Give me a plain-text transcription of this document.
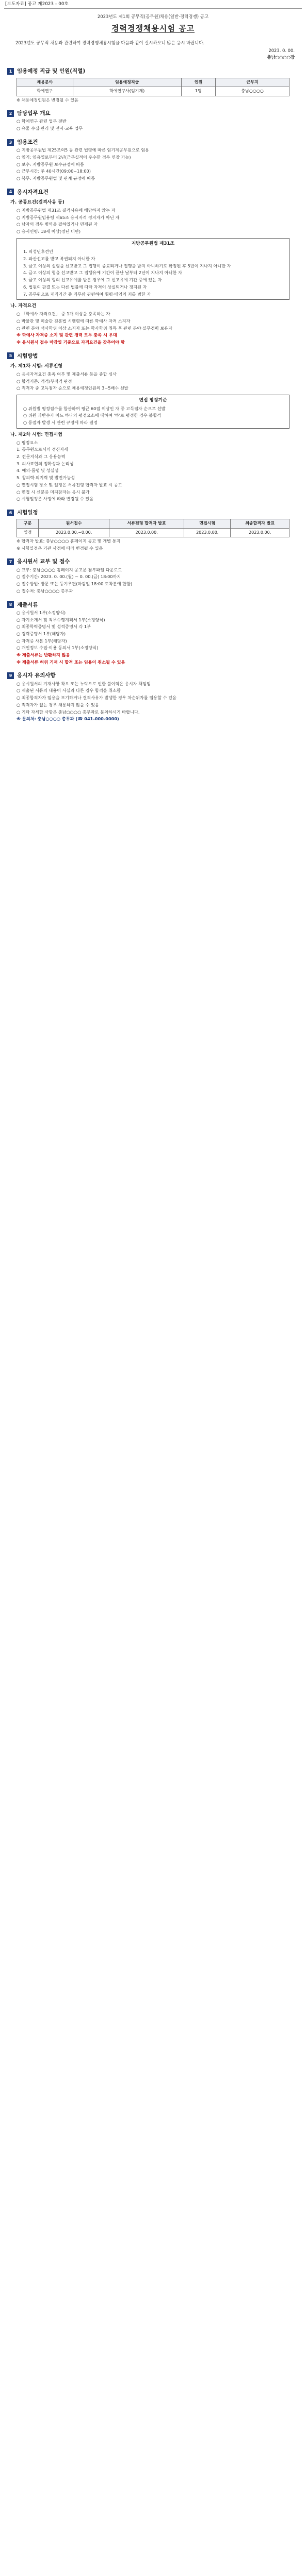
[보도자료] 공고 제2023 - 00호
2023년도 제1회 공무직(공무원)채용(일반·경력경쟁) 공고
경력경쟁채용시험 공고
2023년도 공무직 채용과 관련하여 경력경쟁채용시험을 다음과 같이 실시하오니 많은 응시 바랍니다.
2023. 0. 00.
충남○○○○장
1 임용예정 직급 및 인원(직렬)
채용분야	임용예정직급	인원	근무지
학예연구	학예연구사(임기제)	1명	충남○○○○
※ 채용예정인원은 변경될 수 있음
2 담당업무 개요
○ 학예연구 관련 업무 전반
○ 유물 수집·관리 및 전시·교육 업무
3 임용조건
○ 지방공무원법 제25조의5 등 관련 법령에 따른 임기제공무원으로 임용
○ 임기: 임용일로부터 2년(근무실적이 우수한 경우 연장 가능)
○ 보수: 지방공무원 보수규정에 따름
○ 근무시간: 주 40시간(09:00~18:00)
○ 복무: 지방공무원법 및 관계 규정에 따름
4 응시자격요건
가. 공통요건(결격사유 등)
○ 지방공무원법 제31조 결격사유에 해당하지 않는 자
○ 지방공무원임용령 제65조 응시자격 정지자가 아닌 자
○ 남자의 경우 병역을 필하였거나 면제된 자
○ 응시연령: 18세 이상(정년 미만)
지방공무원법 제31조
1. 피성년후견인
2. 파산선고를 받고 복권되지 아니한 자
3. 금고 이상의 실형을 선고받고 그 집행이 종료되거나 집행을 받지 아니하기로 확정된 후 5년이 지나지 아니한 자
4. 금고 이상의 형을 선고받고 그 집행유예 기간이 끝난 날부터 2년이 지나지 아니한 자
5. 금고 이상의 형의 선고유예를 받은 경우에 그 선고유예 기간 중에 있는 자
6. 법원의 판결 또는 다른 법률에 따라 자격이 상실되거나 정지된 자
7. 공무원으로 재직기간 중 직무와 관련하여 횡령·배임의 죄를 범한 자
나. 자격요건
○ 「학예사 자격요건」 중 1개 이상을 충족하는 자
○ 박물관 및 미술관 진흥법 시행령에 따른 학예사 자격 소지자
○ 관련 분야 석사학위 이상 소지자 또는 학사학위 취득 후 관련 분야 실무경력 보유자
※ 학예사 자격증 소지 및 관련 경력 모두 충족 시 우대
※ 응시원서 접수 마감일 기준으로 자격요건을 갖추어야 함
5 시험방법
가. 제1차 시험: 서류전형
○ 응시자격요건 충족 여부 및 제출서류 등을 종합 심사
○ 합격기준: 적격/부적격 판정
○ 적격자 중 고득점자 순으로 채용예정인원의 3~5배수 선발
면접 평정기준
○ 위원별 평정점수를 합산하여 평균 60점 이상인 자 중 고득점자 순으로 선발
○ 위원 과반수가 어느 하나의 평정요소에 대하여 '하'로 평정한 경우 불합격
○ 동점자 발생 시 관련 규정에 따라 결정
나. 제2차 시험: 면접시험
○ 평정요소
1. 공무원으로서의 정신자세
2. 전문지식과 그 응용능력
3. 의사표현의 정확성과 논리성
4. 예의·품행 및 성실성
5. 창의력·의지력 및 발전가능성
○ 면접시험 장소 및 일정은 서류전형 합격자 발표 시 공고
○ 면접 시 신분증 미지참자는 응시 불가
○ 시험일정은 사정에 따라 변경될 수 있음
6 시험일정
구분	원서접수	서류전형 합격자 발표	면접시험	최종합격자 발표
일정	2023.0.00.~0.00.	2023.0.00.	2023.0.00.	2023.0.00.
※ 합격자 발표: 충남○○○○ 홈페이지 공고 및 개별 통지
※ 시험일정은 기관 사정에 따라 변경될 수 있음
7 응시원서 교부 및 접수
○ 교부: 충남○○○○ 홈페이지 공고문 첨부파일 다운로드
○ 접수기간: 2023. 0. 00.(월) ~ 0. 00.(금) 18:00까지
○ 접수방법: 방문 또는 등기우편(마감일 18:00 도착분에 한함)
○ 접수처: 충남○○○○ 총무과
8 제출서류
○ 응시원서 1부(소정양식)
○ 자기소개서 및 직무수행계획서 1부(소정양식)
○ 최종학력증명서 및 성적증명서 각 1부
○ 경력증명서 1부(해당자)
○ 자격증 사본 1부(해당자)
○ 개인정보 수집·이용 동의서 1부(소정양식)
※ 제출서류는 반환하지 않음
※ 제출서류 허위 기재 시 합격 또는 임용이 취소될 수 있음
9 응시자 유의사항
○ 응시원서의 기재사항 착오 또는 누락으로 인한 불이익은 응시자 책임임
○ 제출된 서류의 내용이 사실과 다른 경우 합격을 취소함
○ 최종합격자가 임용을 포기하거나 결격사유가 발생한 경우 차순위자를 임용할 수 있음
○ 적격자가 없는 경우 채용하지 않을 수 있음
○ 기타 자세한 사항은 충남○○○○ 총무과로 문의하시기 바랍니다.
※ 문의처: 충남○○○○ 총무과 (☎ 041-000-0000)
